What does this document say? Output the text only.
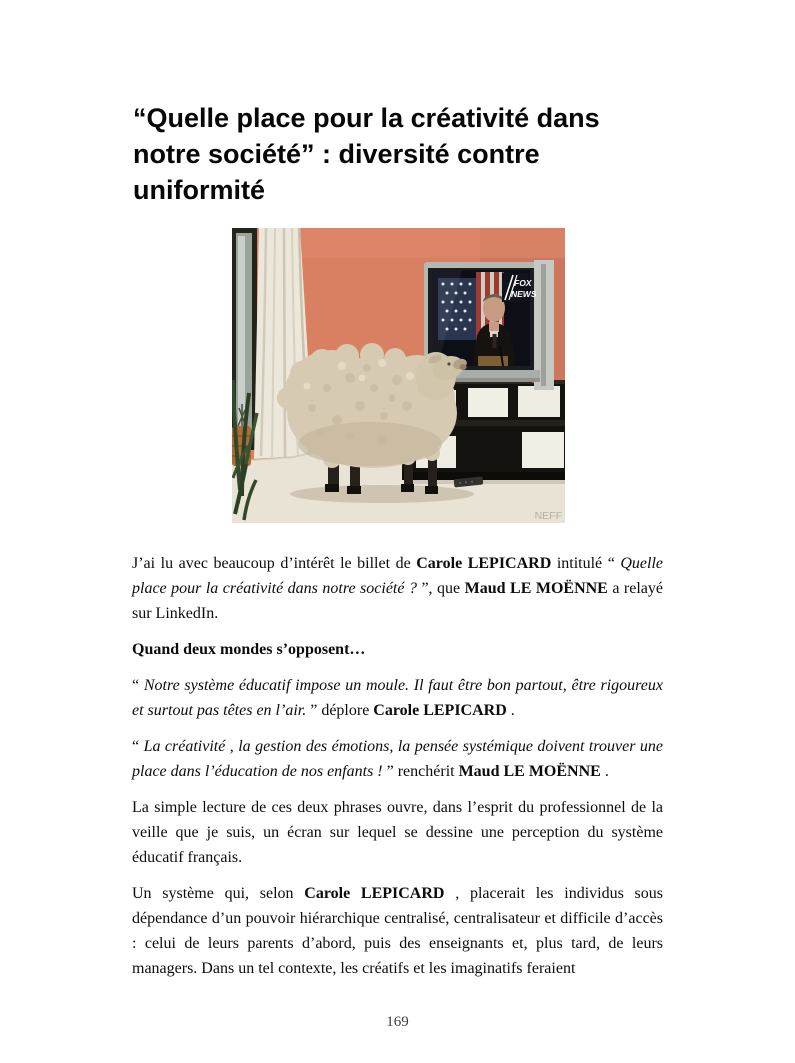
“Quelle place pour la créativité dans
notre société” : diversité contre
uniformité
FOX
NEWS
NEFF

J’ai lu avec beaucoup d’intérêt le billet de Carole LEPICARD intitulé “ Quelle place pour la créativité dans notre société ? ”, que Maud LE MOËNNE a relayé sur LinkedIn.

Quand deux mondes s’opposent…

“ Notre système éducatif impose un moule. Il faut être bon partout, être rigoureux et surtout pas têtes en l’air. ” déplore Carole LEPICARD .

“ La créativité , la gestion des émotions, la pensée systémique doivent trouver une place dans l’éducation de nos enfants ! ” renchérit Maud LE MOËNNE .

La simple lecture de ces deux phrases ouvre, dans l’esprit du professionnel de la veille que je suis, un écran sur lequel se dessine une perception du système éducatif français.

Un système qui, selon Carole LEPICARD , placerait les individus sous dépendance d’un pouvoir hiérarchique centralisé, centralisateur et difficile d’accès : celui de leurs parents d’abord, puis des enseignants et, plus tard, de leurs managers. Dans un tel contexte, les créatifs et les imaginatifs feraient

169
